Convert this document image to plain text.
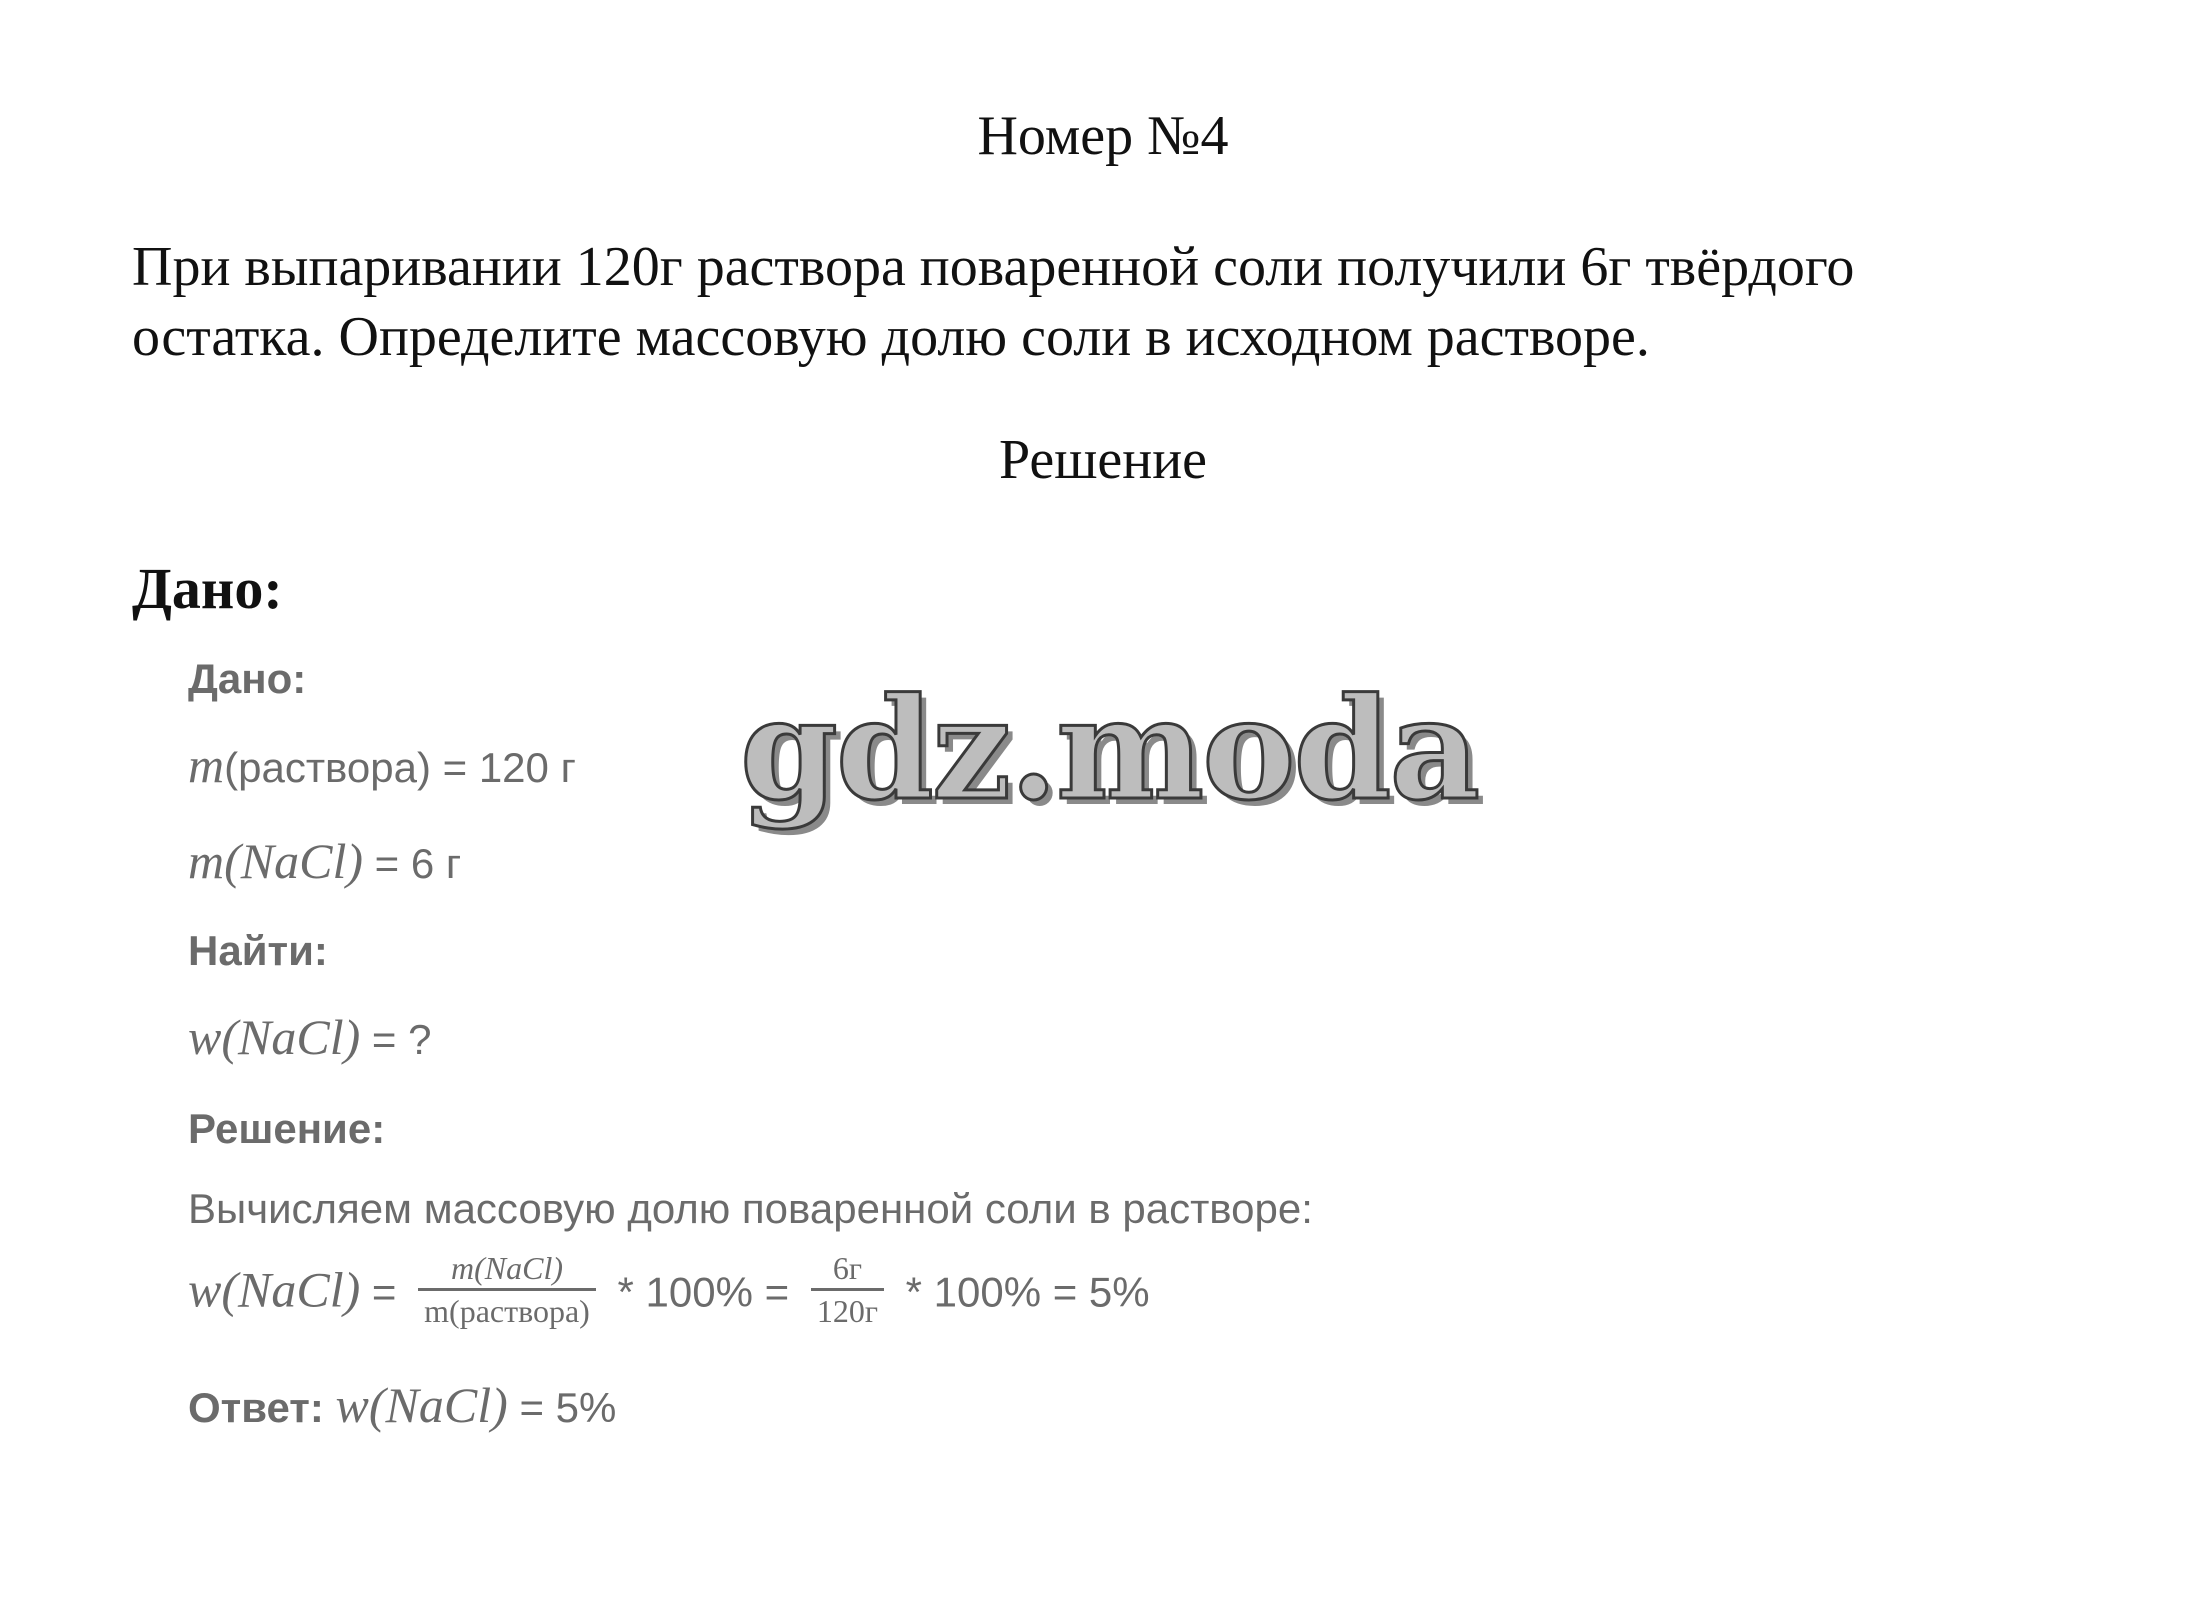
Номер №4
При выпаривании 120г раствора поваренной соли получили 6г твёрдого
остатка. Определите массовую долю соли в исходном растворе.
Решение
Дано:
Дано:
m(раствора) = 120 г
m(NaCl) = 6 г
Найти:
w(NaCl) = ?
Решение:
Вычисляем массовую долю поваренной соли в растворе:
w(NaCl) = $\frac{\text{m(NaCl)}}{\text{m(раствора)}} * 100\% = \frac{6г}{120г} * 100\% = 5\%$
Ответ: w(NaCl) = 5%
gdz.moda
